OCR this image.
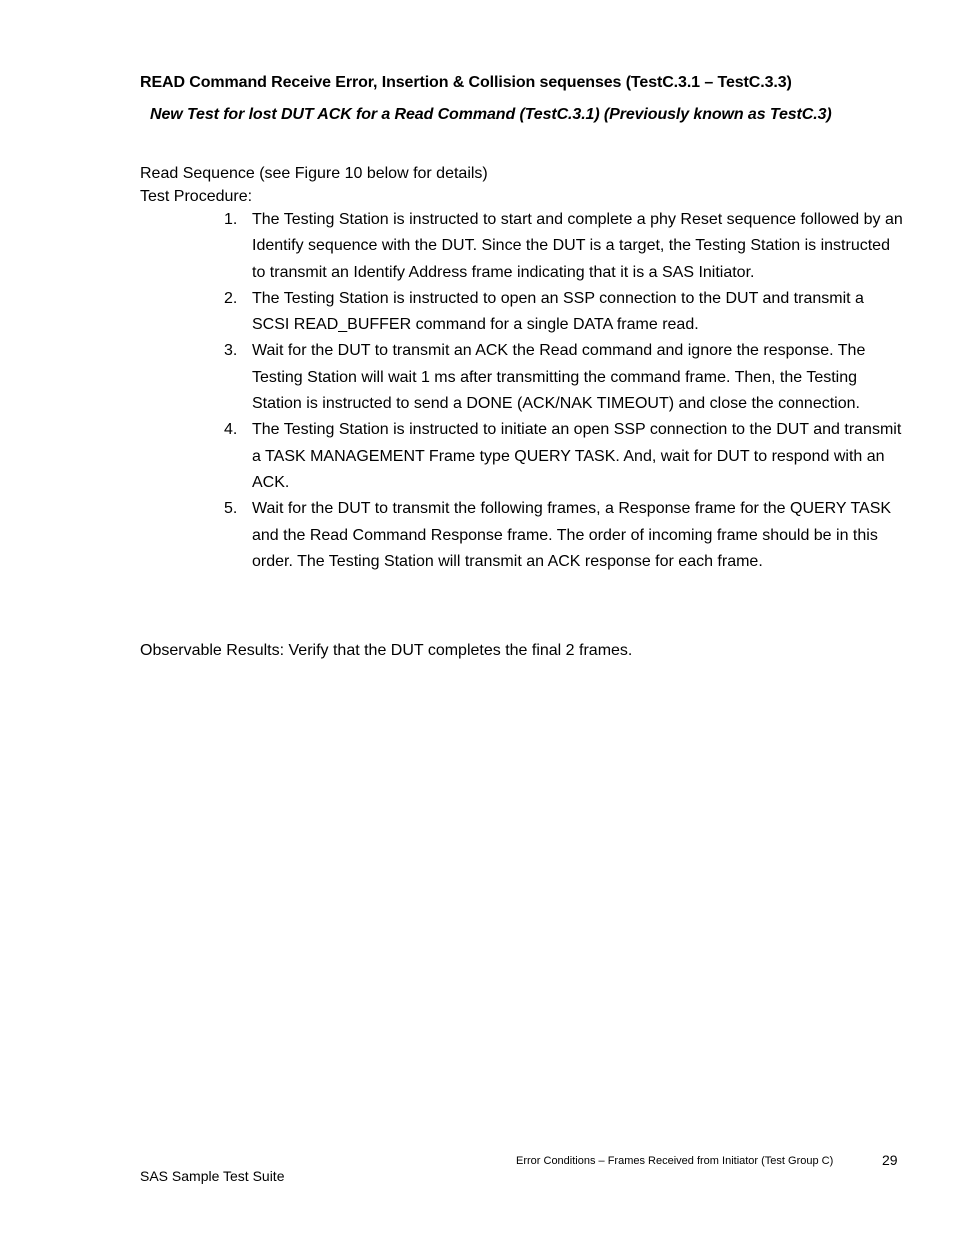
READ Command Receive Error, Insertion & Collision sequenses (TestC.3.1 – TestC.3.3)
New Test for lost DUT ACK for a Read Command (TestC.3.1) (Previously known as TestC.3)
Read Sequence (see Figure 10 below for details)
Test Procedure:
1. The Testing Station is instructed to start and complete a phy Reset sequence followed by an Identify sequence with the DUT. Since the DUT is a target, the Testing Station is instructed to transmit an Identify Address frame indicating that it is a SAS Initiator.
2. The Testing Station is instructed to open an SSP connection to the DUT and transmit a SCSI READ_BUFFER command for a single DATA frame read.
3. Wait for the DUT to transmit an ACK the Read command and ignore the response. The Testing Station will wait 1 ms after transmitting the command frame. Then, the Testing Station is instructed to send a DONE (ACK/NAK TIMEOUT) and close the connection.
4. The Testing Station is instructed to initiate an open SSP connection to the DUT and transmit a TASK MANAGEMENT Frame type QUERY TASK. And, wait for DUT to respond with an ACK.
5. Wait for the DUT to transmit the following frames, a Response frame for the QUERY TASK and the Read Command Response frame. The order of incoming frame should be in this order. The Testing Station will transmit an ACK response for each frame.
Observable Results: Verify that the DUT completes the final 2 frames.
Error Conditions – Frames Received from Initiator (Test Group C)	29
SAS Sample Test Suite
